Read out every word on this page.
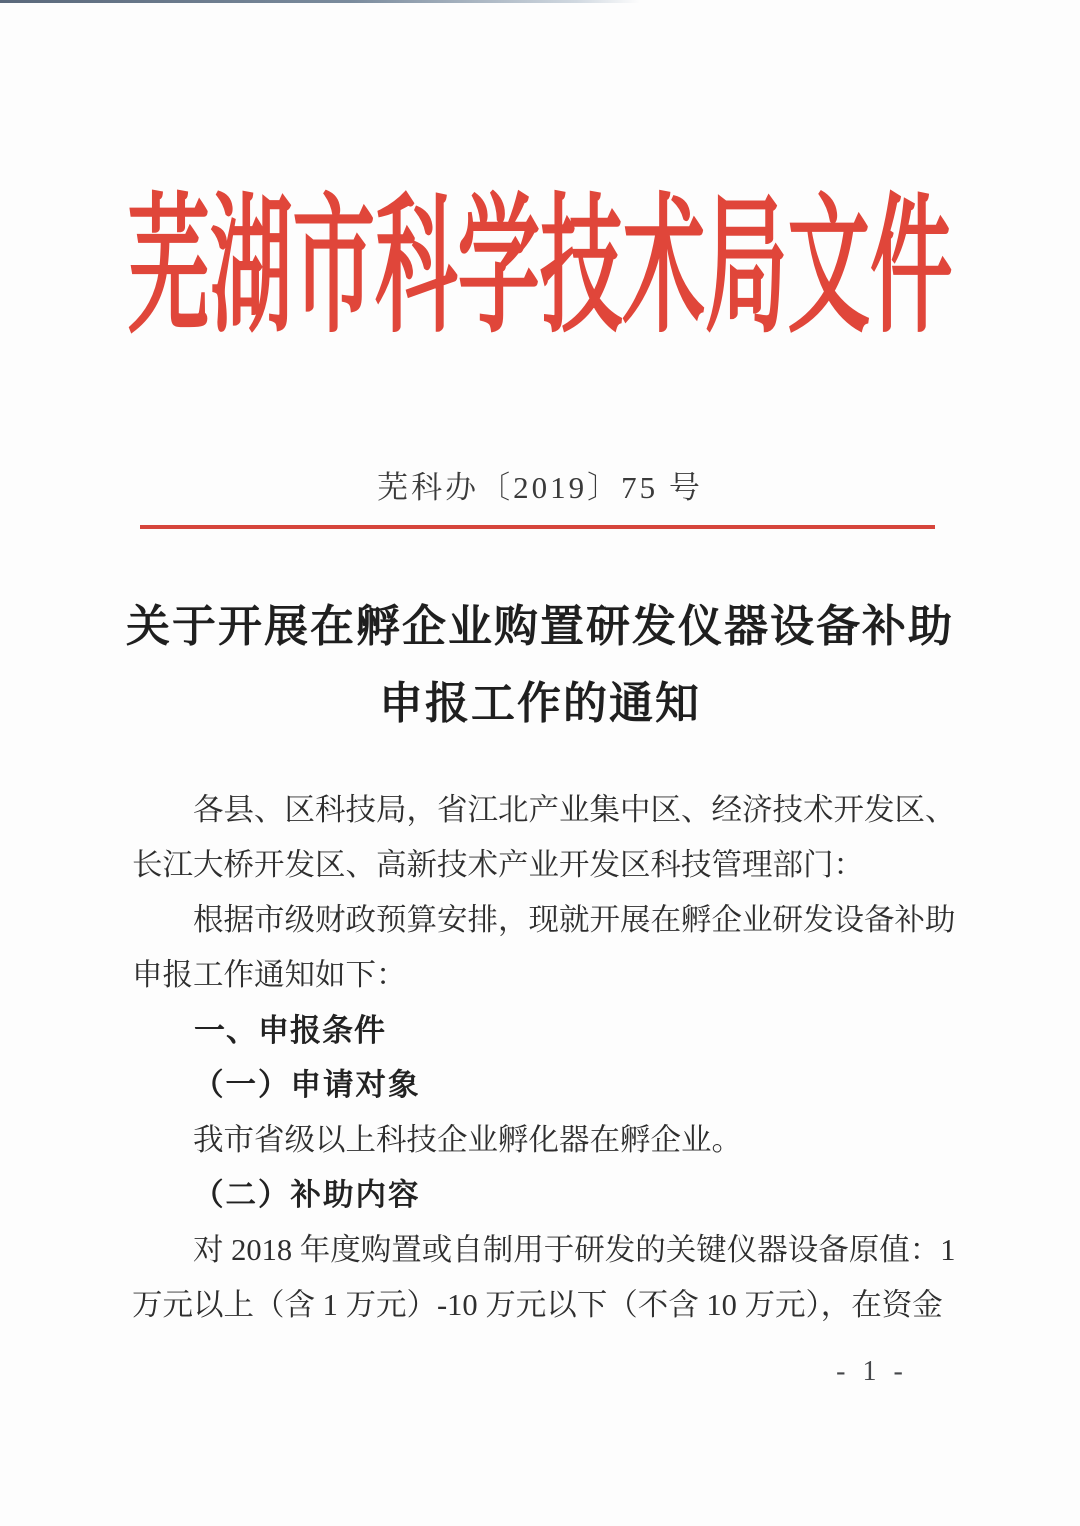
芜湖市科学技术局文件
芜科办〔2019〕75 号
关于开展在孵企业购置研发仪器设备补助
申报工作的通知
各县、区科技局，省江北产业集中区、经济技术开发区、
长江大桥开发区、高新技术产业开发区科技管理部门：
根据市级财政预算安排，现就开展在孵企业研发设备补助
申报工作通知如下：
一、申报条件
（一）申请对象
我市省级以上科技企业孵化器在孵企业。
（二）补助内容
对 2018 年度购置或自制用于研发的关键仪器设备原值：1
万元以上（含 1 万元）-10 万元以下（不含 10 万元），在资金
- 1 -
